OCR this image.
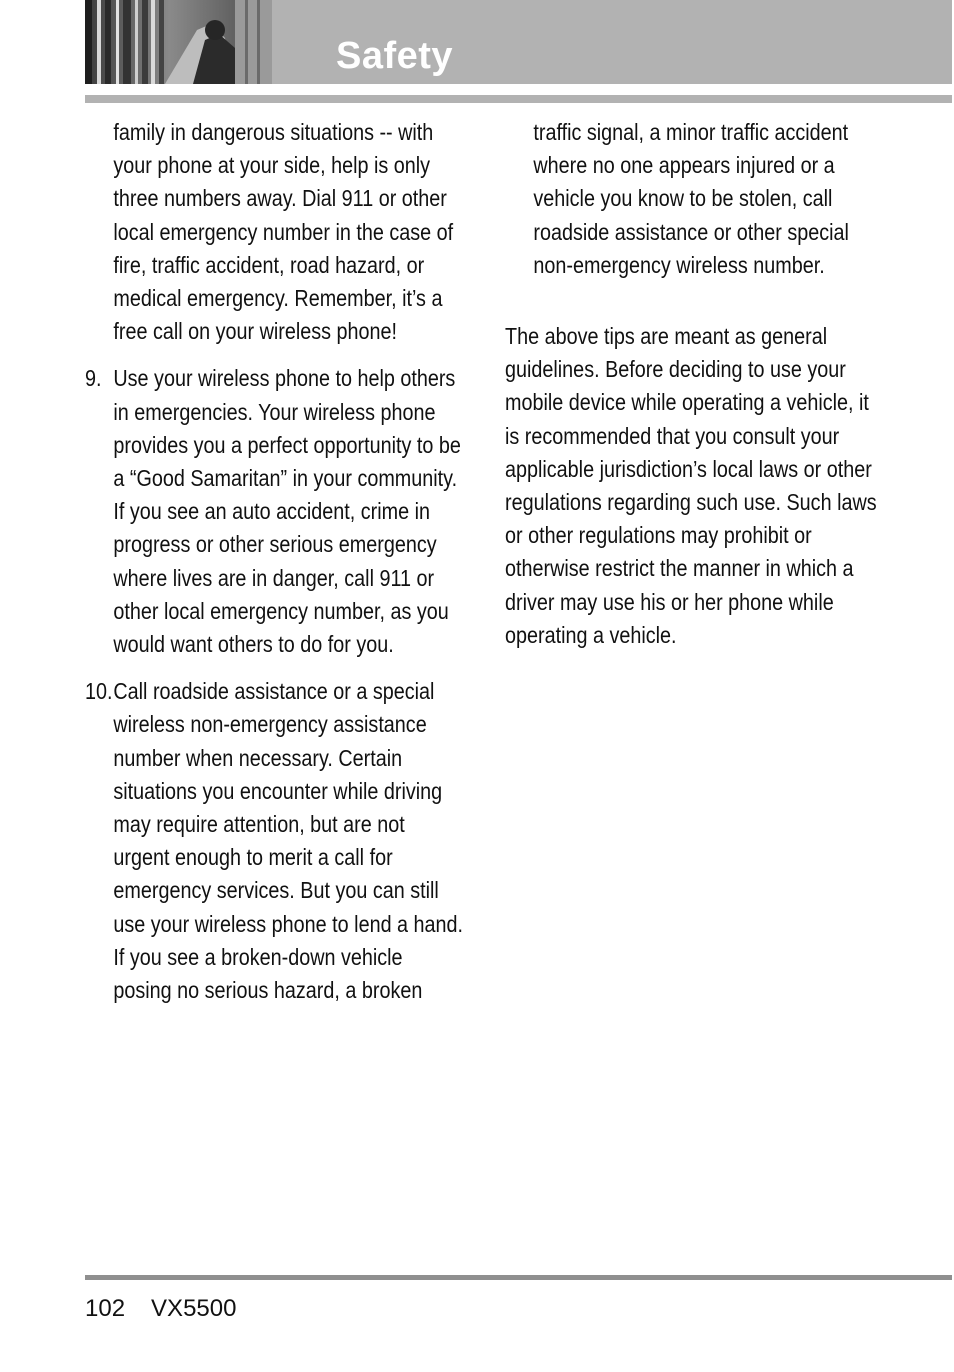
Safety

family in dangerous situations -- with your phone at your side, help is only three numbers away. Dial 911 or other local emergency number in the case of fire, traffic accident, road hazard, or medical emergency. Remember, it’s a free call on your wireless phone!

9. Use your wireless phone to help others in emergencies. Your wireless phone provides you a perfect opportunity to be a “Good Samaritan” in your community. If you see an auto accident, crime in progress or other serious emergency where lives are in danger, call 911 or other local emergency number, as you would want others to do for you.
10. Call roadside assistance or a special wireless non-emergency assistance number when necessary. Certain situations you encounter while driving may require attention, but are not urgent enough to merit a call for emergency services. But you can still use your wireless phone to lend a hand. If you see a broken-down vehicle posing no serious hazard, a broken

traffic signal, a minor traffic accident where no one appears injured or a vehicle you know to be stolen, call roadside assistance or other special non-emergency wireless number.

The above tips are meant as general guidelines. Before deciding to use your mobile device while operating a vehicle, it is recommended that you consult your applicable jurisdiction’s local laws or other regulations regarding such use. Such laws or other regulations may prohibit or otherwise restrict the manner in which a driver may use his or her phone while operating a vehicle.

102 VX5500
